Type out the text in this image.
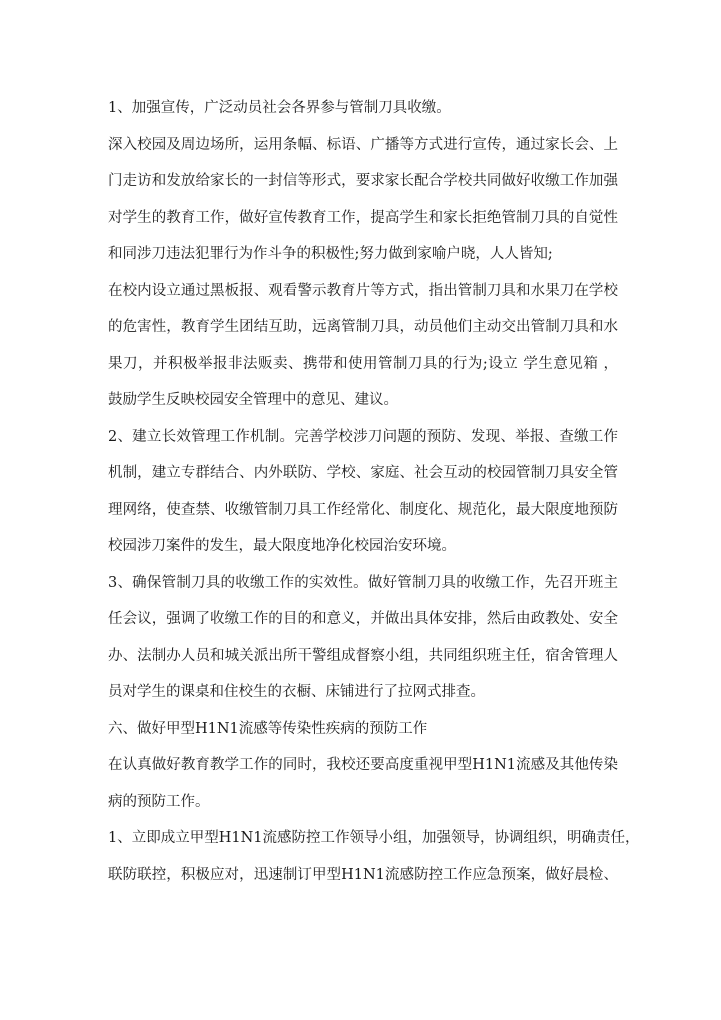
1、加强宣传，广泛动员社会各界参与管制刀具收缴。
深入校园及周边场所，运用条幅、标语、广播等方式进行宣传，通过家长会、上
门走访和发放给家长的一封信等形式，要求家长配合学校共同做好收缴工作加强
对学生的教育工作，做好宣传教育工作，提高学生和家长拒绝管制刀具的自觉性
和同涉刀违法犯罪行为作斗争的积极性;努力做到家喻户晓，人人皆知;
在校内设立通过黑板报、观看警示教育片等方式，指出管制刀具和水果刀在学校
的危害性，教育学生团结互助，远离管制刀具，动员他们主动交出管制刀具和水
果刀，并积极举报非法贩卖、携带和使用管制刀具的行为;设立 学生意见箱 ，
鼓励学生反映校园安全管理中的意见、建议。
2、建立长效管理工作机制。完善学校涉刀问题的预防、发现、举报、查缴工作
机制，建立专群结合、内外联防、学校、家庭、社会互动的校园管制刀具安全管
理网络，使查禁、收缴管制刀具工作经常化、制度化、规范化，最大限度地预防
校园涉刀案件的发生，最大限度地净化校园治安环境。
3、确保管制刀具的收缴工作的实效性。做好管制刀具的收缴工作，先召开班主
任会议，强调了收缴工作的目的和意义，并做出具体安排，然后由政教处、安全
办、法制办人员和城关派出所干警组成督察小组，共同组织班主任，宿舍管理人
员对学生的课桌和住校生的衣橱、床铺进行了拉网式排查。
六、做好甲型H1N1流感等传染性疾病的预防工作
在认真做好教育教学工作的同时，我校还要高度重视甲型H1N1流感及其他传染
病的预防工作。
1、立即成立甲型H1N1流感防控工作领导小组，加强领导，协调组织，明确责任，
联防联控，积极应对，迅速制订甲型H1N1流感防控工作应急预案，做好晨检、
